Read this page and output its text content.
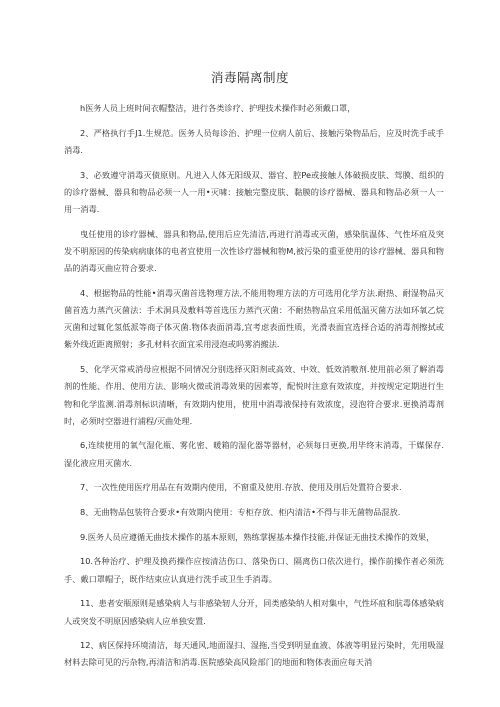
消毒隔离制度

h医务人员上班时间衣帽整洁，进行各类诊疗、护理技术操作时必须戴口罩，

2、严格执行手J1.生规范。医务人员每诊治、护理一位病人前后、接触污染物品后，应及时洗手或手消毒.

3、必致遵守消毒灭债原则。凡进入人体无阳级双、器官、腔Pe或接触人体破损皮肤、驾膜、组织的的诊疗器械、器具和物品必须一人一用•灭啸：接触完整皮肤、黏膜的诊疗器械、器具和物品必须一人一用一消毒.

曳任使用的诊疗器械、器具和物品,使用后应先清洁,再进行消毒或灭菌，感染肮温体、气性坏疽及突发不明原因的传染病病康体的电者宜使用一次性诊疗器械和物M,被污染的重亚使用的诊疗器械、器具和物品的消毒灭曲应符合要求.

4、根据物品的性能•消毒灭菌首选物理方法,不能用物理方法的方可选用化学方法.耐热、耐湿物品灭菌首选力蒸汽灭菌法：手术洞具及敷料等首选压力蒸汽灭菌：不耐热物品宜采用低温灭菌方法如环氧乙烷灭菌和过辄化氢低派等商子体灭菌.物体表面消毒,宜考虑表面性质，光滑表面宜选择合适的消毒剂擦拭或紫外线近距离照射；多孔材料衣面宜采用浸泡或吗雾消搬法.

5、化学灭常戒消母应根据不同情况分别选择灭阳剂或高效、中效、低效消嗷剂.使用前必须了解消毒剂的性能、作用、使用方法、影响火微或消毒效果的因素等，配悦时注意有效浓度，并按规定定期进行生物和化学监测.消毒剂标识清晰，有效期内使用，使用中消毒液保持有效浓度，浸泡符合要求.更换消毒剂时，必须时空器进行浦程/灭曲处理.

6,连续使用的氧气湿化瓶、雾化密、暖箱的湿化器等器材，必须每日更换,用毕终末消毒，干媒保存.湿化液应用灭菌水.

7、一次性使用医疗用品在有效期内使用，不窗重及使用.存放、使用及刖后处置符合要求.

8、无曲物品包装符合要求•有效期内使用：专柜存放、柜内清洁•不得与非无菌物品混放.

9.医务人员应遵循无曲技术操作的基本原则，熟练掌握基本操作技能,并保证无曲技术操作的效果，

10.各种治疗、护理及换药操作应按清洁伤口、落染伤口、隔离伤口依次进行，操作前操作者必须洗手、戴口罩帽子，既作结束应认真进行洗手或卫生手消毒。

11、患者安瓶原则是感染病人与非感染轫人分开，同类感染纳人相对集中，气性坏疽和肮毒体感染病人或突发不明原因感染病人应单独安置.

12、病区保持环境清洁，每天通风,地面湿扫、湿拖,当受到明显血液、体液等明显污染时，先用吸湿材料去除可见的污杂物,再清洁和消毒.医院感染高风险部门的地面和物体表面应每天消
